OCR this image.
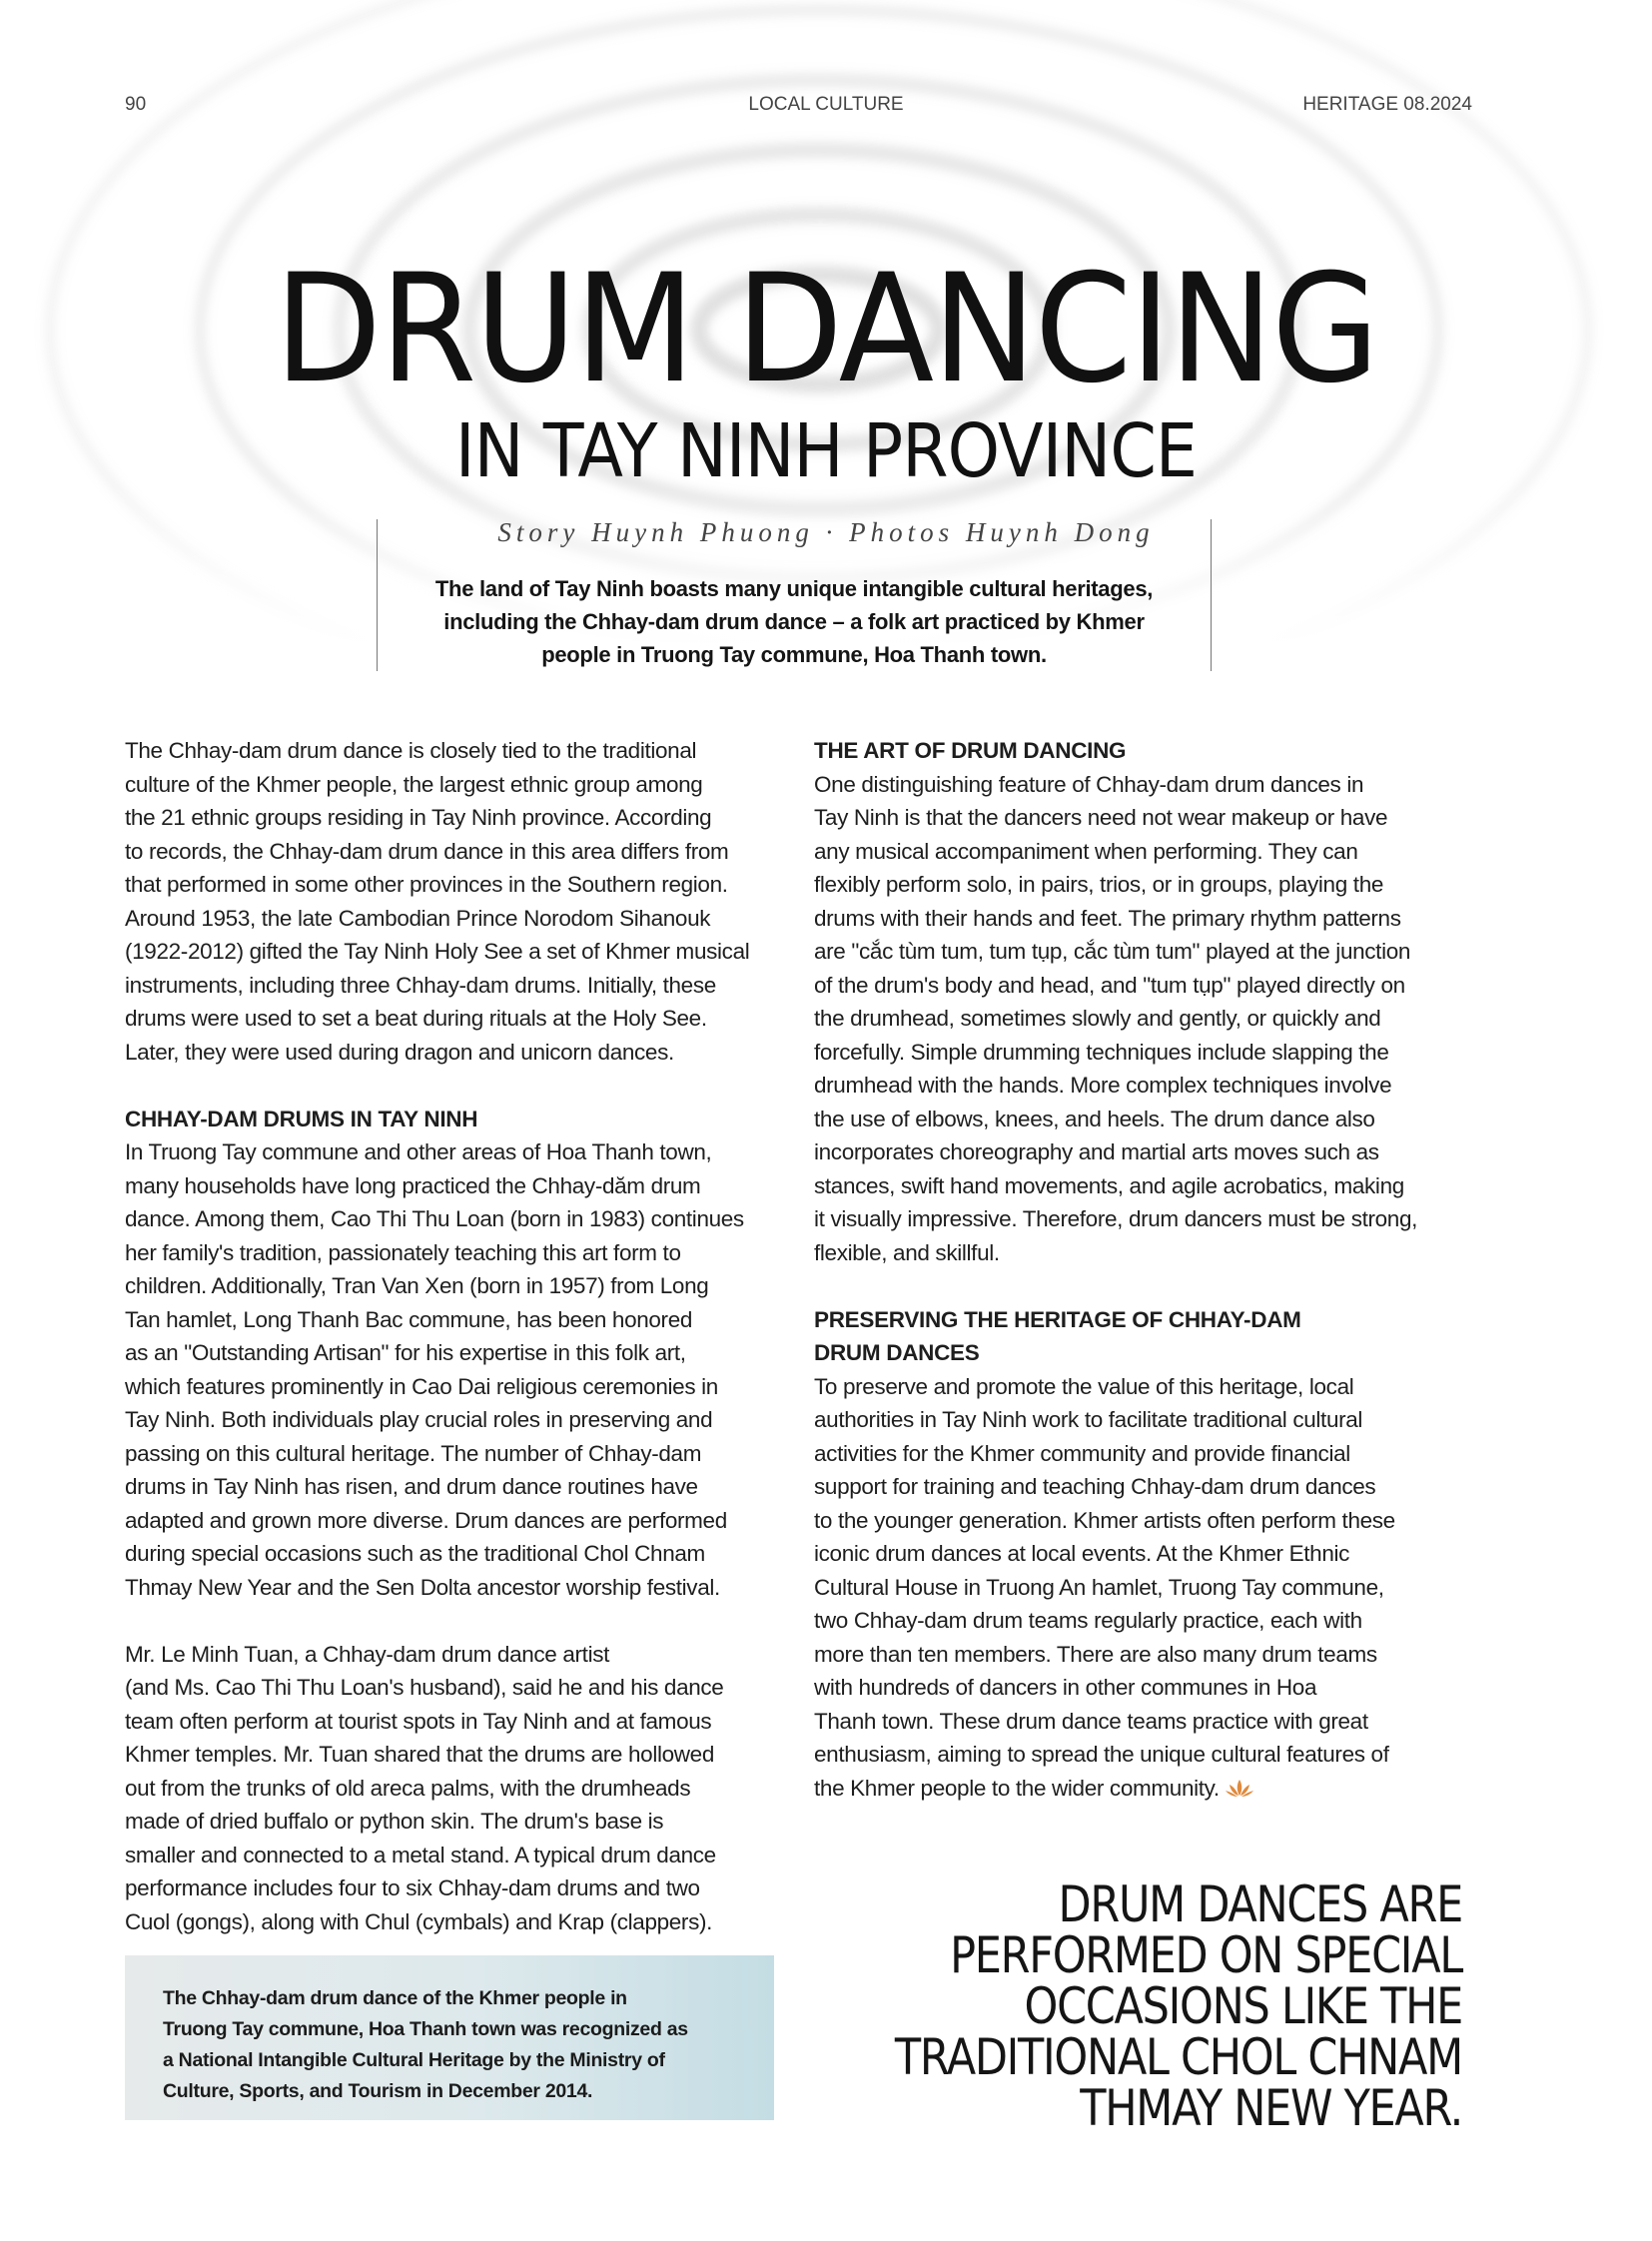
90	LOCAL CULTURE	HERITAGE 08.2024
DRUM DANCING
IN TAY NINH PROVINCE
Story Huynh Phuong · Photos Huynh Dong

The land of Tay Ninh boasts many unique intangible cultural heritages,
including the Chhay-dam drum dance – a folk art practiced by Khmer
people in Truong Tay commune, Hoa Thanh town.

The Chhay-dam drum dance is closely tied to the traditional

culture of the Khmer people, the largest ethnic group among

the 21 ethnic groups residing in Tay Ninh province. According

to records, the Chhay-dam drum dance in this area differs from

that performed in some other provinces in the Southern region.

Around 1953, the late Cambodian Prince Norodom Sihanouk

(1922-2012) gifted the Tay Ninh Holy See a set of Khmer musical

instruments, including three Chhay-dam drums. Initially, these

drums were used to set a beat during rituals at the Holy See.

Later, they were used during dragon and unicorn dances.

CHHAY-DAM DRUMS IN TAY NINH

In Truong Tay commune and other areas of Hoa Thanh town,

many households have long practiced the Chhay-dăm drum

dance. Among them, Cao Thi Thu Loan (born in 1983) continues

her family's tradition, passionately teaching this art form to

children. Additionally, Tran Van Xen (born in 1957) from Long

Tan hamlet, Long Thanh Bac commune, has been honored

as an "Outstanding Artisan" for his expertise in this folk art,

which features prominently in Cao Dai religious ceremonies in

Tay Ninh. Both individuals play crucial roles in preserving and

passing on this cultural heritage. The number of Chhay-dam

drums in Tay Ninh has risen, and drum dance routines have

adapted and grown more diverse. Drum dances are performed

during special occasions such as the traditional Chol Chnam

Thmay New Year and the Sen Dolta ancestor worship festival.

Mr. Le Minh Tuan, a Chhay-dam drum dance artist

(and Ms. Cao Thi Thu Loan's husband), said he and his dance

team often perform at tourist spots in Tay Ninh and at famous

Khmer temples. Mr. Tuan shared that the drums are hollowed

out from the trunks of old areca palms, with the drumheads

made of dried buffalo or python skin. The drum's base is

smaller and connected to a metal stand. A typical drum dance

performance includes four to six Chhay-dam drums and two

Cuol (gongs), along with Chul (cymbals) and Krap (clappers).

THE ART OF DRUM DANCING

One distinguishing feature of Chhay-dam drum dances in

Tay Ninh is that the dancers need not wear makeup or have

any musical accompaniment when performing. They can

flexibly perform solo, in pairs, trios, or in groups, playing the

drums with their hands and feet. The primary rhythm patterns

are "cắc tùm tum, tum tụp, cắc tùm tum" played at the junction

of the drum's body and head, and "tum tụp" played directly on

the drumhead, sometimes slowly and gently, or quickly and

forcefully. Simple drumming techniques include slapping the

drumhead with the hands. More complex techniques involve

the use of elbows, knees, and heels. The drum dance also

incorporates choreography and martial arts moves such as

stances, swift hand movements, and agile acrobatics, making

it visually impressive. Therefore, drum dancers must be strong,

flexible, and skillful.

PRESERVING THE HERITAGE OF CHHAY-DAM
DRUM DANCES

To preserve and promote the value of this heritage, local

authorities in Tay Ninh work to facilitate traditional cultural

activities for the Khmer community and provide financial

support for training and teaching Chhay-dam drum dances

to the younger generation. Khmer artists often perform these

iconic drum dances at local events. At the Khmer Ethnic

Cultural House in Truong An hamlet, Truong Tay commune,

two Chhay-dam drum teams regularly practice, each with

more than ten members. There are also many drum teams

with hundreds of dancers in other communes in Hoa

Thanh town. These drum dance teams practice with great

enthusiasm, aiming to spread the unique cultural features of

the Khmer people to the wider community.

The Chhay-dam drum dance of the Khmer people in
Truong Tay commune, Hoa Thanh town was recognized as
a National Intangible Cultural Heritage by the Ministry of
Culture, Sports, and Tourism in December 2014.

DRUM DANCES ARE
PERFORMED ON SPECIAL
OCCASIONS LIKE THE
TRADITIONAL CHOL CHNAM
THMAY NEW YEAR.
